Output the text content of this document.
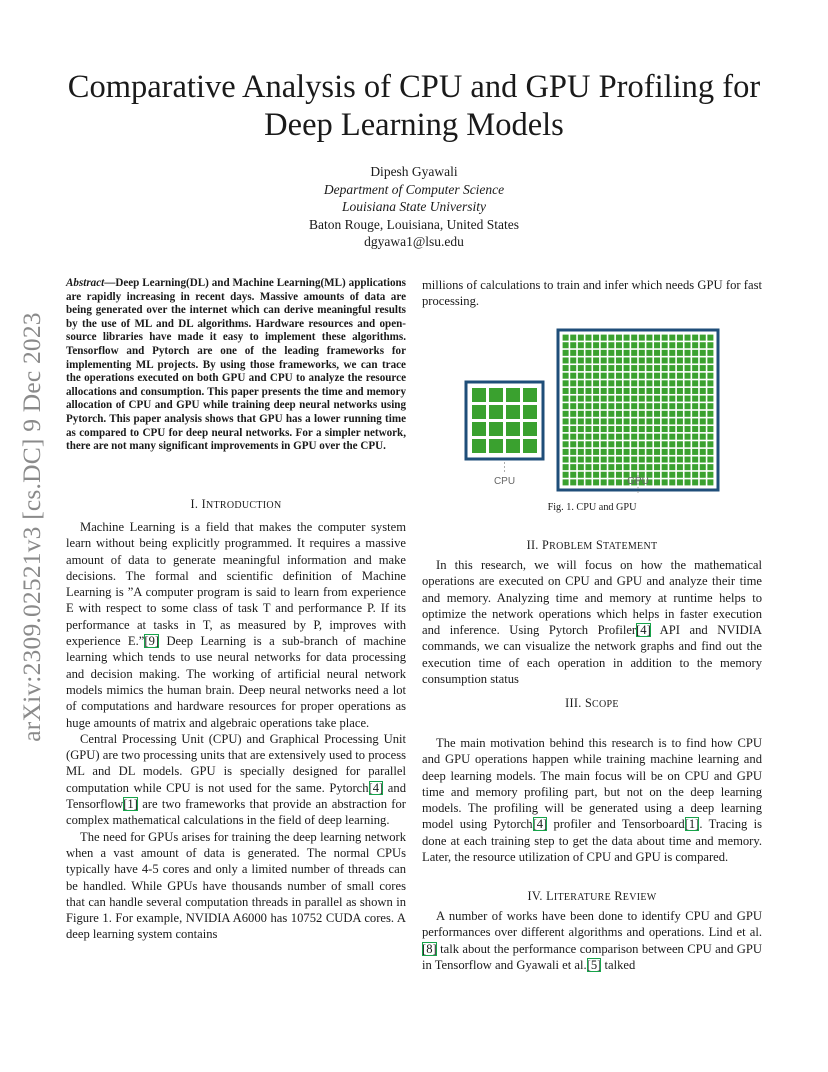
Comparative Analysis of CPU and GPU Profiling for Deep Learning Models
Dipesh Gyawali
Department of Computer Science
Louisiana State University
Baton Rouge, Louisiana, United States
dgyawa1@lsu.edu
arXiv:2309.02521v3 [cs.DC] 9 Dec 2023
Abstract—Deep Learning(DL) and Machine Learning(ML) applications are rapidly increasing in recent days. Massive amounts of data are being generated over the internet which can derive meaningful results by the use of ML and DL algorithms. Hardware resources and open-source libraries have made it easy to implement these algorithms. Tensorflow and Pytorch are one of the leading frameworks for implementing ML projects. By using those frameworks, we can trace the operations executed on both GPU and CPU to analyze the resource allocations and consumption. This paper presents the time and memory allocation of CPU and GPU while training deep neural networks using Pytorch. This paper analysis shows that GPU has a lower running time as compared to CPU for deep neural networks. For a simpler network, there are not many significant improvements in GPU over the CPU.
I. INTRODUCTION

Machine Learning is a field that makes the computer system learn without being explicitly programmed. It requires a massive amount of data to generate meaningful information and make decisions. The formal and scientific definition of Machine Learning is ”A computer program is said to learn from experience E with respect to some class of task T and performance P. If its performance at tasks in T, as measured by P, improves with experience E.”[9] Deep Learning is a sub-branch of machine learning which tends to use neural networks for data processing and decision making. The working of artificial neural network models mimics the human brain. Deep neural networks need a lot of computations and hardware resources for proper operations as huge amounts of matrix and algebraic operations take place.

Central Processing Unit (CPU) and Graphical Processing Unit (GPU) are two processing units that are extensively used to process ML and DL models. GPU is specially designed for parallel computation while CPU is not used for the same. Pytorch[4] and Tensorflow[1] are two frameworks that provide an abstraction for complex mathematical calculations in the field of deep learning.

The need for GPUs arises for training the deep learning network when a vast amount of data is generated. The normal CPUs typically have 4-5 cores and only a limited number of threads can be handled. While GPUs have thousands number of small cores that can handle several computation threads in parallel as shown in Figure 1. For example, NVIDIA A6000 has 10752 CUDA cores. A deep learning system contains

millions of calculations to train and infer which needs GPU for fast processing.
CPU	GPU
Fig. 1. CPU and GPU
II. PROBLEM STATEMENT

In this research, we will focus on how the mathematical operations are executed on CPU and GPU and analyze their time and memory. Analyzing time and memory at runtime helps to optimize the network operations which helps in faster execution and inference. Using Pytorch Profiler[4] API and NVIDIA commands, we can visualize the network graphs and find out the execution time of each operation in addition to the memory consumption status

III. SCOPE

The main motivation behind this research is to find how CPU and GPU operations happen while training machine learning and deep learning models. The main focus will be on CPU and GPU time and memory profiling part, but not on the deep learning models. The profiling will be generated using a deep learning model using Pytorch[4] profiler and Tensorboard[1]. Tracing is done at each training step to get the data about time and memory. Later, the resource utilization of CPU and GPU is compared.

IV. LITERATURE REVIEW

A number of works have been done to identify CPU and GPU performances over different algorithms and operations. Lind et al.[8] talk about the performance comparison between CPU and GPU in Tensorflow and Gyawali et al.[5] talked
